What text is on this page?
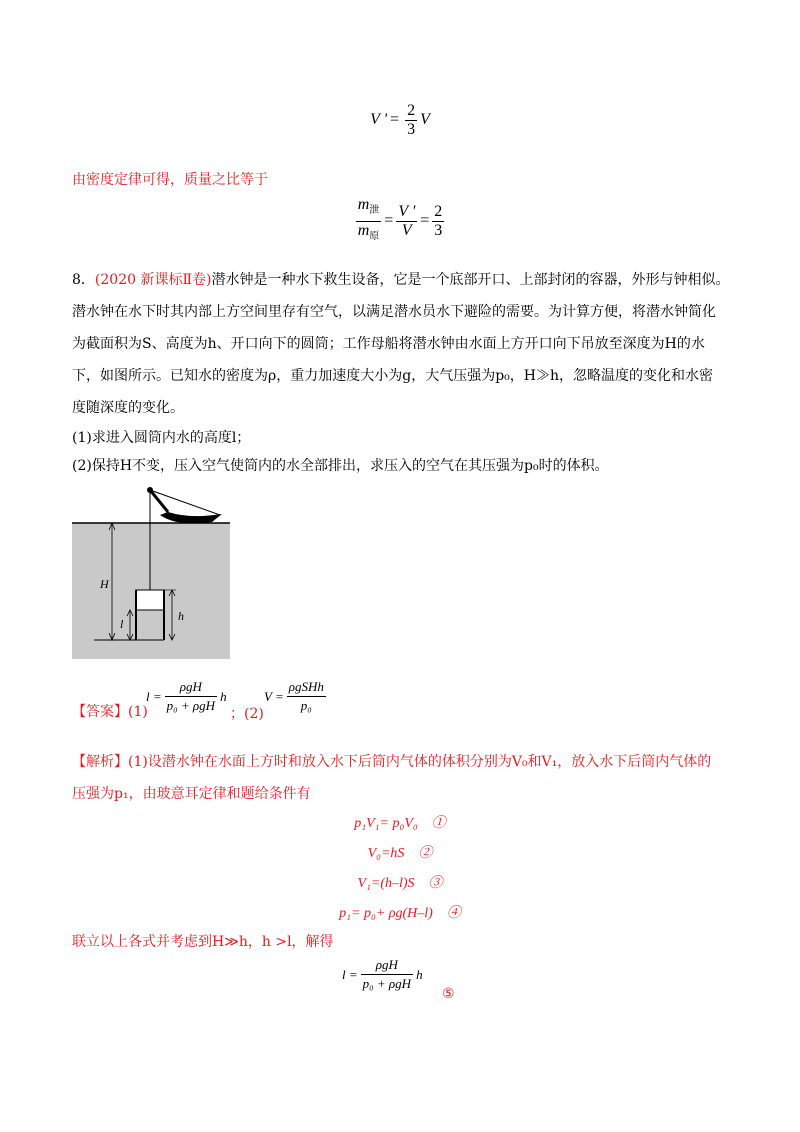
V ' = $\frac{2}{3}$ V
由密度定律可得，质量之比等于
$\frac{m_泄}{m_原} = \frac{V '}{V} = \frac{2}{3}$
8．(2020 新课标Ⅱ卷)潜水钟是一种水下救生设备，它是一个底部开口、上部封闭的容器，外形与钟相似。
潜水钟在水下时其内部上方空间里存有空气，以满足潜水员水下避险的需要。为计算方便，将潜水钟简化
为截面积为S、高度为h、开口向下的圆筒；工作母船将潜水钟由水面上方开口向下吊放至深度为H的水
下，如图所示。已知水的密度为ρ，重力加速度大小为g，大气压强为p₀，H≫h，忽略温度的变化和水密
度随深度的变化。
(1)求进入圆筒内水的高度l；
(2)保持H不变，压入空气使筒内的水全部排出，求压入的空气在其压强为p₀时的体积。
H
h
l
【答案】(1)
$l = \frac{\text{ρgH}}{\text{p₀ + ρgH}}$ h
；(2)
$V = \frac{\text{ρgSHh}}{\text{p₀}}$
【解析】(1)设潜水钟在水面上方时和放入水下后筒内气体的体积分别为V₀和V₁，放入水下后筒内气体的
压强为p₁，由玻意耳定律和题给条件有
p₁V₁= p₀V₀　①
V₀=hS　②
V₁=(h–l)S　③
p₁= p₀+ ρg(H–l)　④
联立以上各式并考虑到H≫h，h >l，解得
$l = \frac{\text{ρgH}}{\text{p₀ + ρgH}}$ h
⑤
